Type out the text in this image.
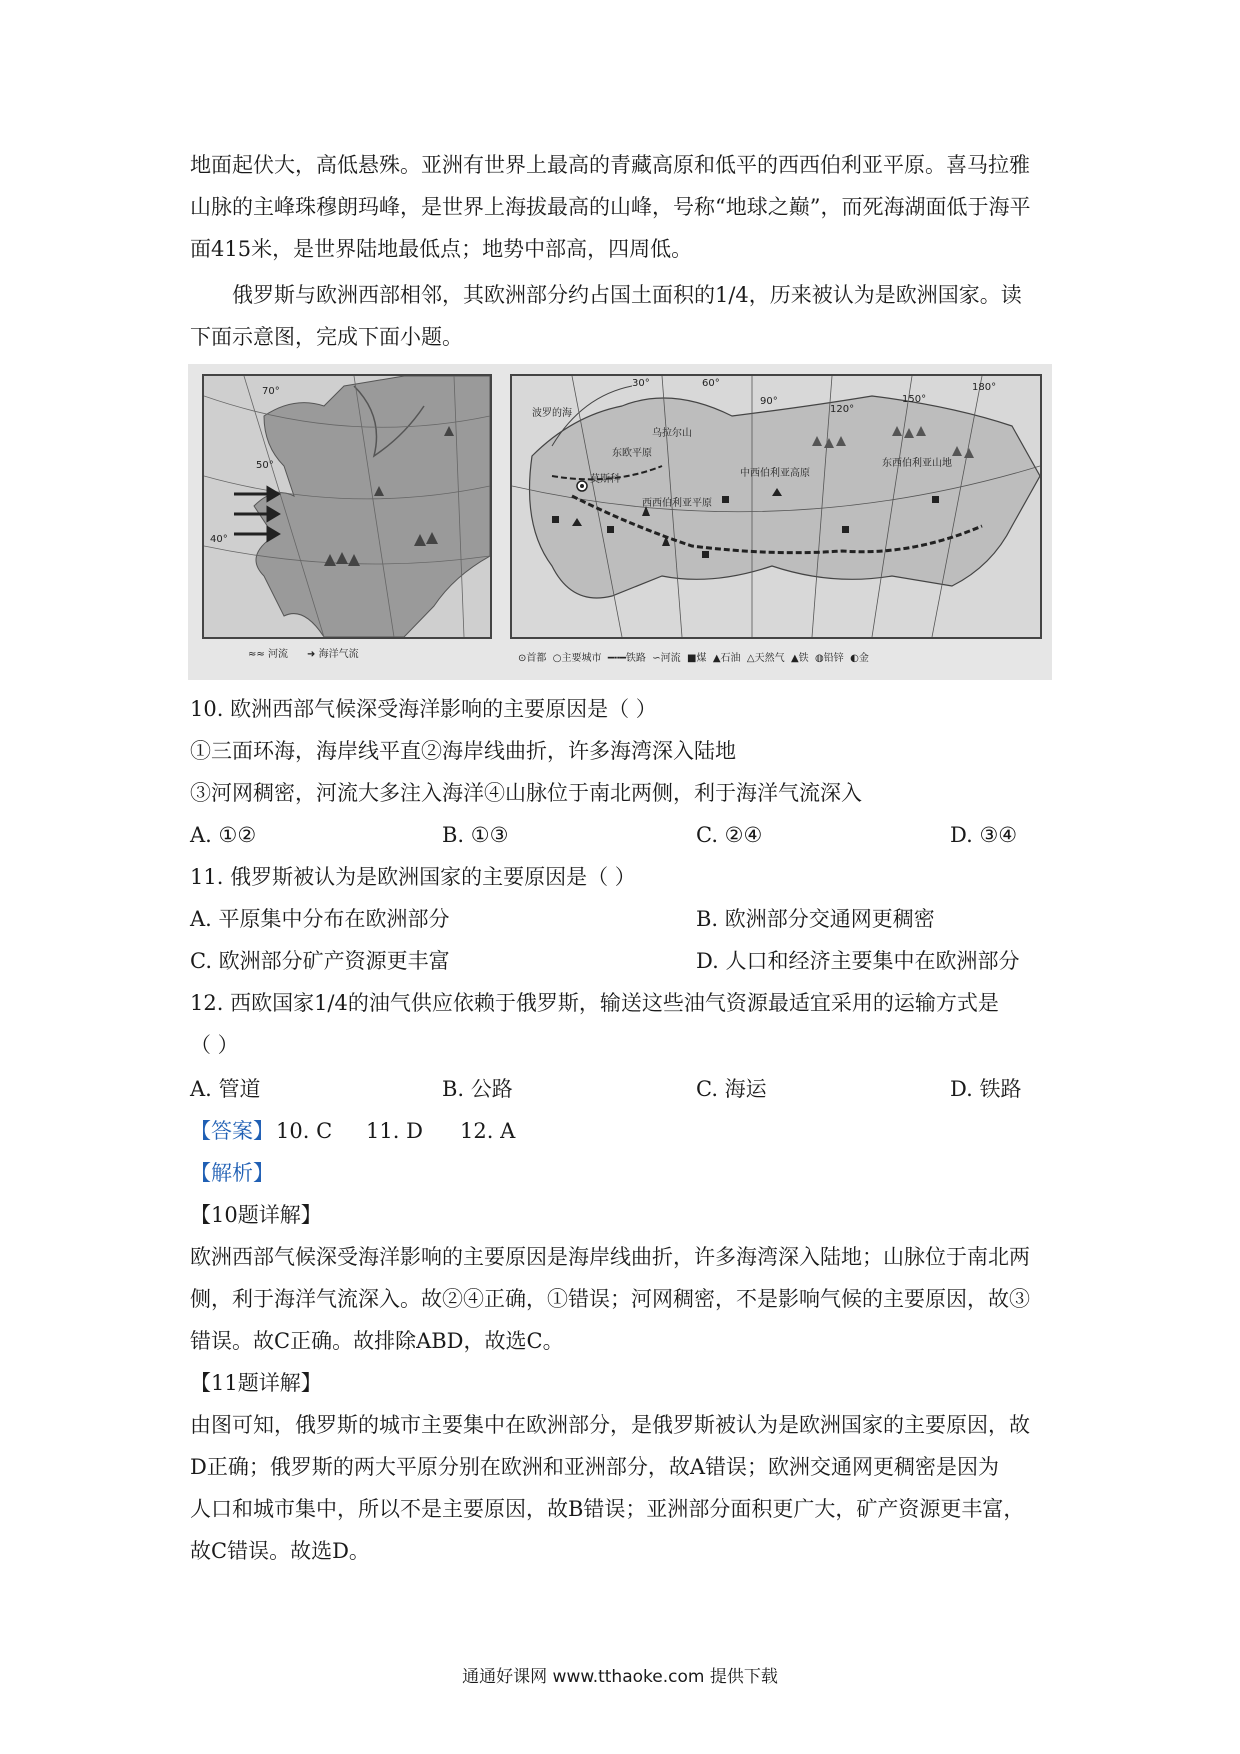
地面起伏大，高低悬殊。亚洲有世界上最高的青藏高原和低平的西西伯利亚平原。喜马拉雅
山脉的主峰珠穆朗玛峰，是世界上海拔最高的山峰，号称“地球之巅”，而死海湖面低于海平
面415米，是世界陆地最低点；地势中部高，四周低。
俄罗斯与欧洲西部相邻，其欧洲部分约占国土面积的1/4，历来被认为是欧洲国家。读
下面示意图，完成下面小题。
70°
50°
40°
≈≈ 河流 ➜ 海洋气流
30°	60°
90°
120°
150°
180°
波罗的海
莫斯科
东欧平原
西西伯利亚平原
中西伯利亚高原
东西伯利亚山地
乌拉尔山
⊙首都 ○主要城市 ━╍━铁路 ∽河流 ■煤 ▲石油 △天然气 ▲铁 ◍铅锌 ◐金
10. 欧洲西部气候深受海洋影响的主要原因是（ ）
①三面环海，海岸线平直②海岸线曲折，许多海湾深入陆地
③河网稠密，河流大多注入海洋④山脉位于南北两侧，利于海洋气流深入
A. ①②	B. ①③	C. ②④	D. ③④
11. 俄罗斯被认为是欧洲国家的主要原因是（ ）
A. 平原集中分布在欧洲部分	B. 欧洲部分交通网更稠密
C. 欧洲部分矿产资源更丰富	D. 人口和经济主要集中在欧洲部分
12. 西欧国家1/4的油气供应依赖于俄罗斯，输送这些油气资源最适宜采用的运输方式是
（ ）
A. 管道	B. 公路	C. 海运	D. 铁路
【答案】 10. C 11. D 12. A
【解析】
【10题详解】
欧洲西部气候深受海洋影响的主要原因是海岸线曲折，许多海湾深入陆地；山脉位于南北两
侧，利于海洋气流深入。故②④正确，①错误；河网稠密，不是影响气候的主要原因，故③
错误。故C正确。故排除ABD，故选C。
【11题详解】
由图可知，俄罗斯的城市主要集中在欧洲部分，是俄罗斯被认为是欧洲国家的主要原因，故
D正确；俄罗斯的两大平原分别在欧洲和亚洲部分，故A错误；欧洲交通网更稠密是因为
人口和城市集中，所以不是主要原因，故B错误；亚洲部分面积更广大，矿产资源更丰富，
故C错误。故选D。
通通好课网 www.tthaoke.com 提供下载
